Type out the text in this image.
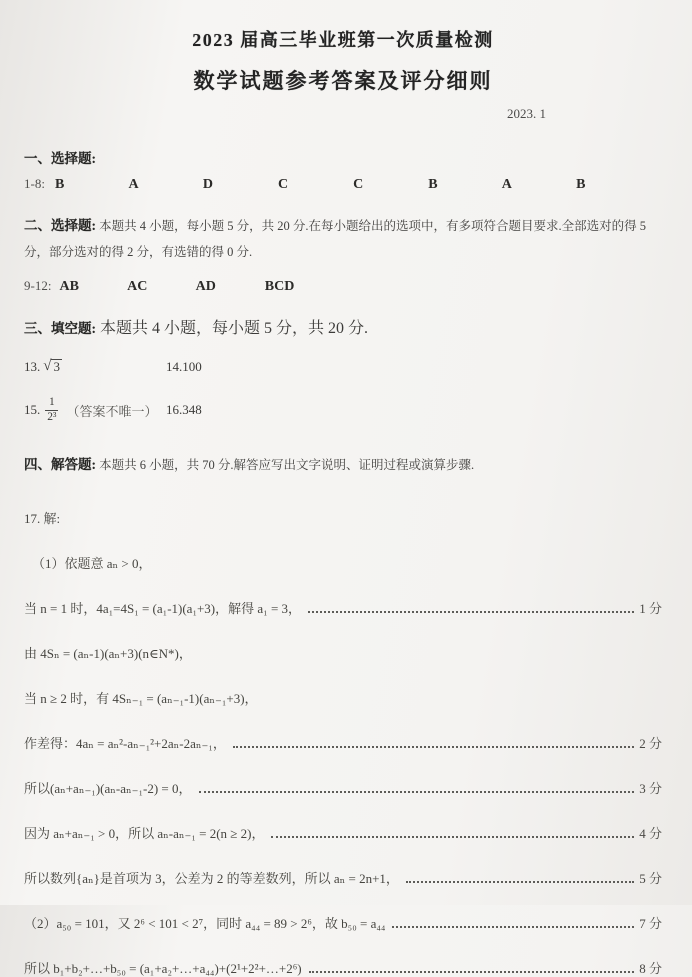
2023 届高三毕业班第一次质量检测
数学试题参考答案及评分细则
2023. 1
一、选择题:
1-8: B  A  D  C  C  B  A  B
二、选择题: 本题共 4 小题，每小题 5 分，共 20 分.在每小题给出的选项中，有多项符合题目要求.全部选对的得 5 分，部分选对的得 2 分，有选错的得 0 分.
9-12: AB  AC  AD  BCD
三、填空题: 本题共 4 小题，每小题 5 分，共 20 分.
13. √ 3	14.100
15. $\frac{1}{\text{2³}}$ （答案不唯一） 16.348
四、解答题: 本题共 6 小题，共 70 分.解答应写出文字说明、证明过程或演算步骤.
17. 解:
（1）依题意 aₙ > 0，
当 n = 1 时，4a₁=4S₁ = (a₁-1)(a₁+3)，解得 a₁ = 3，	1 分
由 4Sₙ = (aₙ-1)(aₙ+3)(n∈N*)，
当 n ≥ 2 时，有 4Sₙ₋₁ = (aₙ₋₁-1)(aₙ₋₁+3)，
作差得：4aₙ = aₙ²-aₙ₋₁²+2aₙ-2aₙ₋₁，	2 分
所以(aₙ+aₙ₋₁)(aₙ-aₙ₋₁-2) = 0，	3 分
因为 aₙ+aₙ₋₁ > 0，所以 aₙ-aₙ₋₁ = 2(n ≥ 2)，	4 分
所以数列{aₙ}是首项为 3，公差为 2 的等差数列，所以 aₙ = 2n+1，	5 分
（2）a₅₀ = 101，又 2⁶ < 101 < 2⁷，同时 a₄₄ = 89 > 2⁶，故 b₅₀ = a₄₄	7 分
所以 b₁+b₂+…+b₅₀ = (a₁+a₂+…+a₄₄)+(2¹+2²+…+2⁶)	8 分
